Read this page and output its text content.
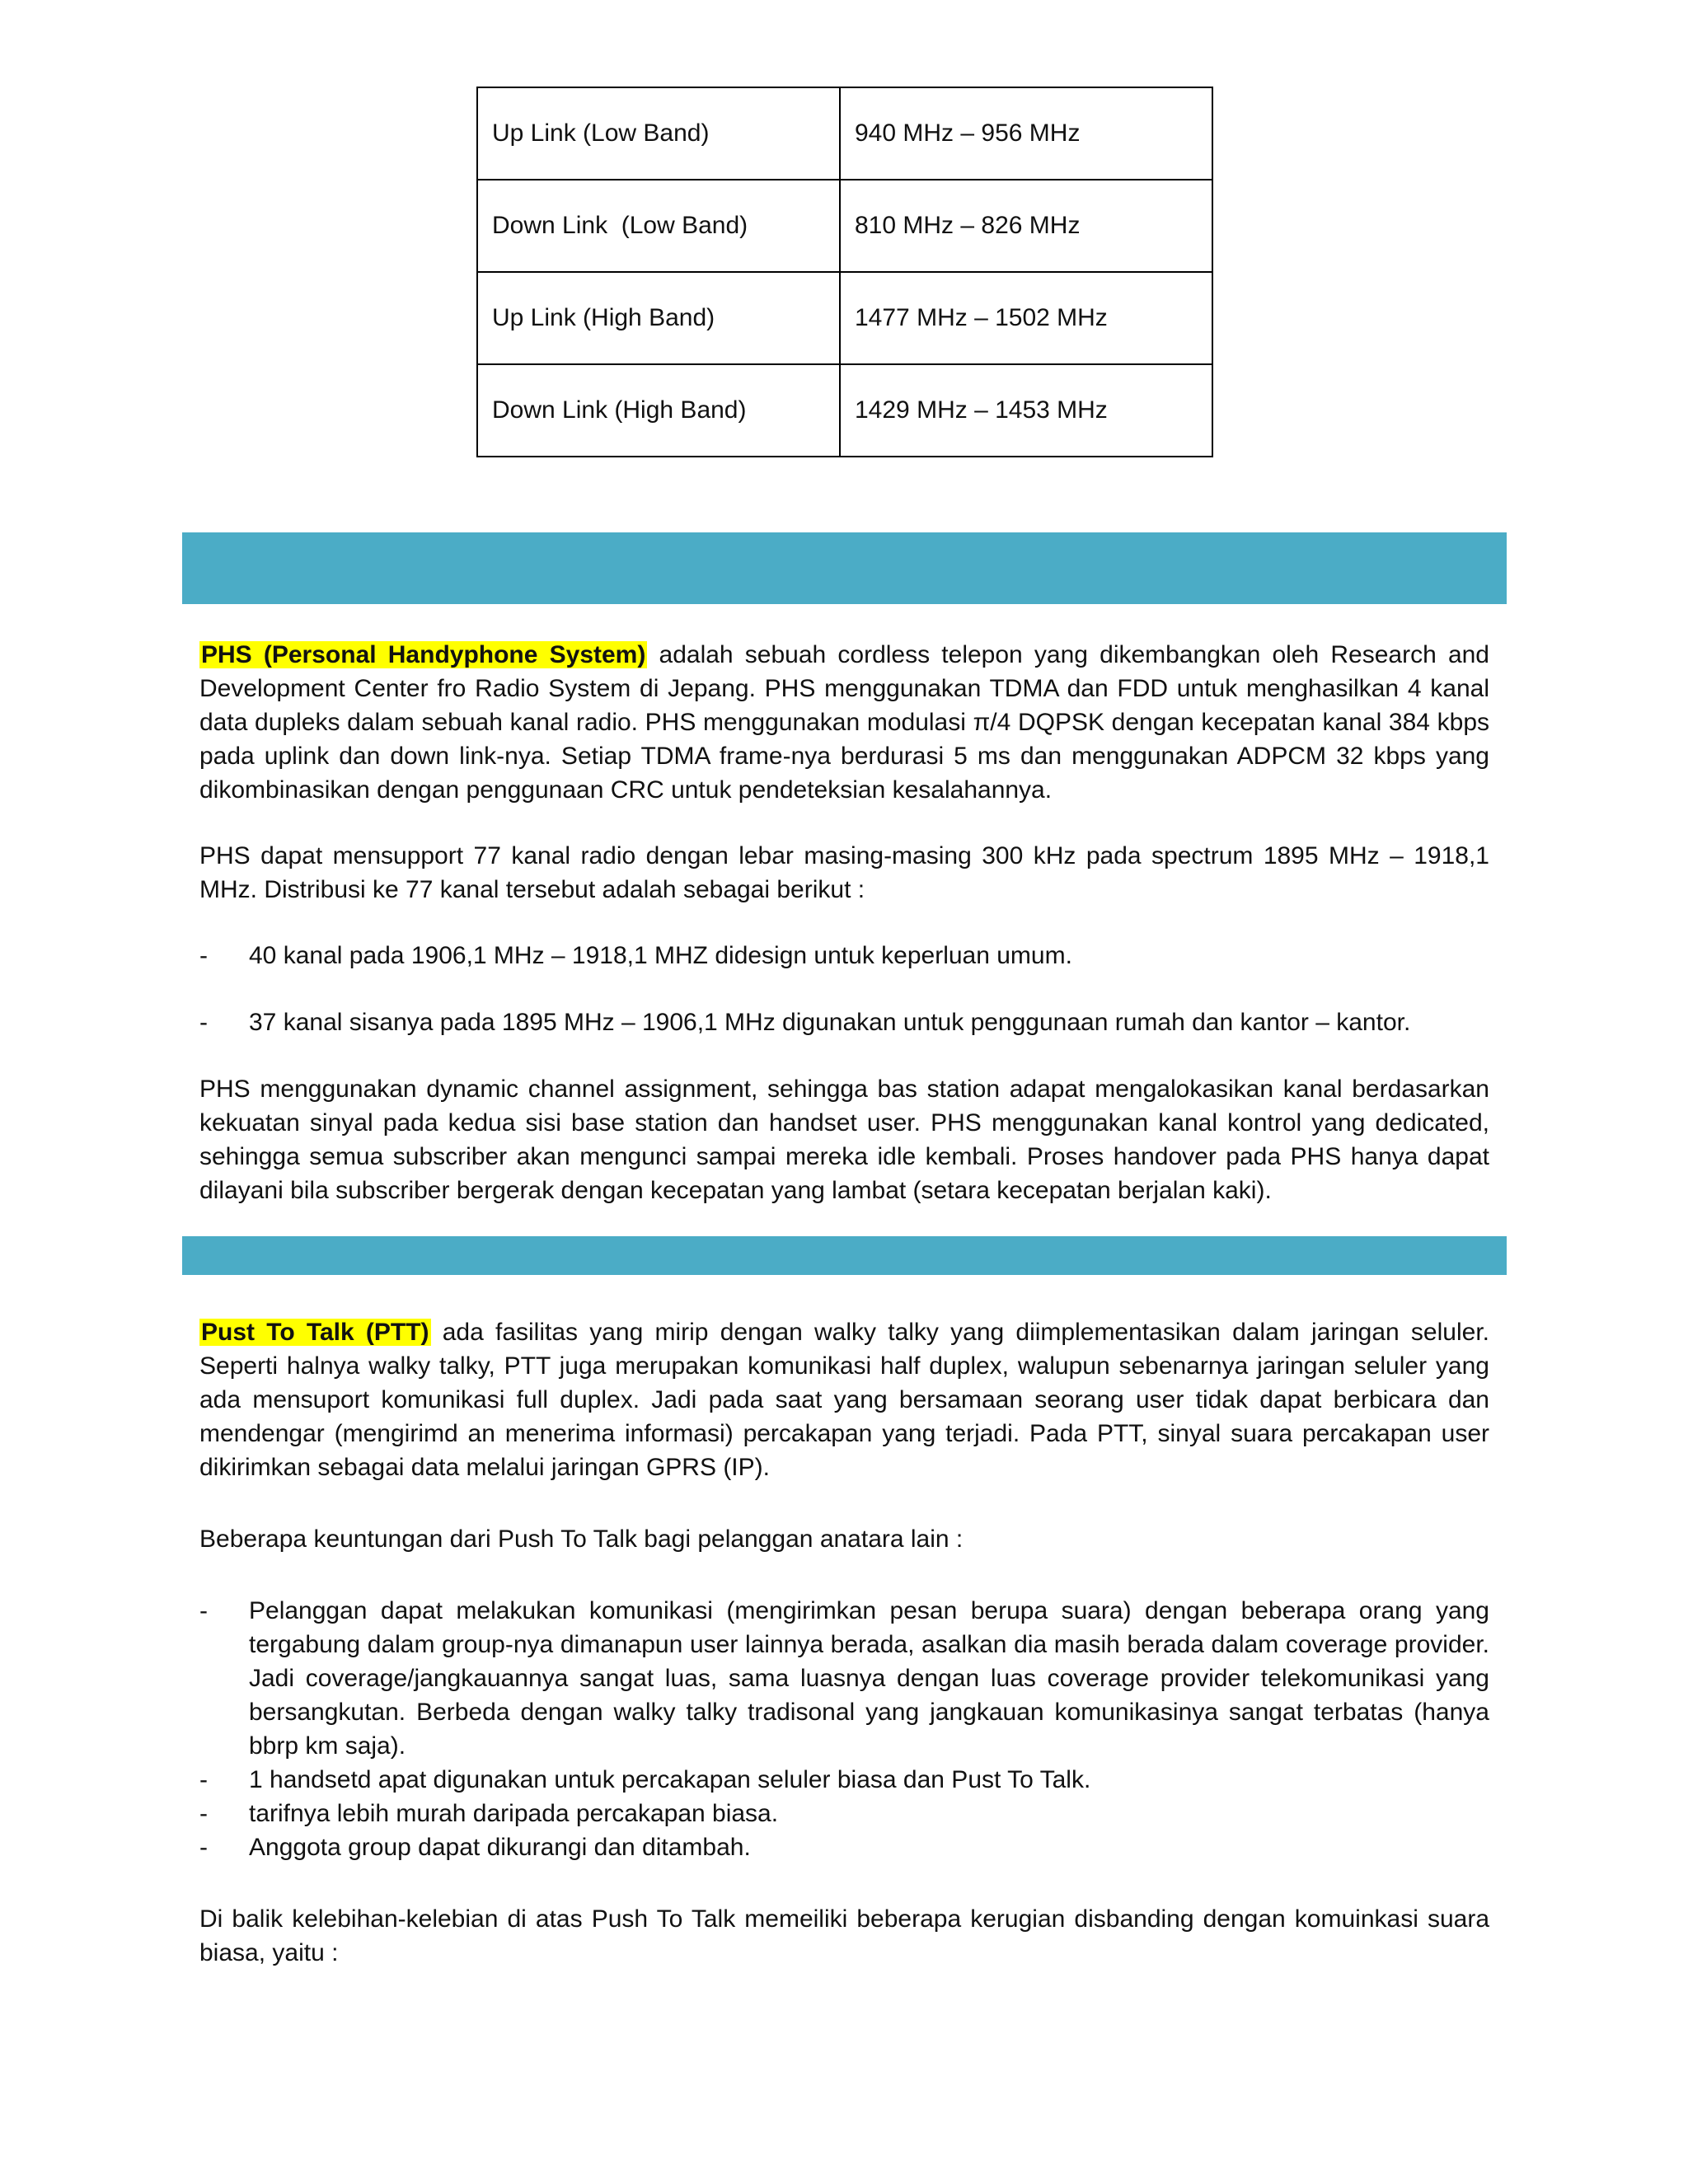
Up Link (Low Band)	940 MHz – 956 MHz
Down Link  (Low Band)	810 MHz – 826 MHz
Up Link (High Band)	1477 MHz – 1502 MHz
Down Link (High Band)	1429 MHz – 1453 MHz

PHS (Personal Handyphone System) adalah sebuah cordless telepon yang dikembangkan oleh Research and Development Center fro Radio System di Jepang. PHS menggunakan TDMA dan FDD untuk menghasilkan 4 kanal data dupleks dalam sebuah kanal radio. PHS menggunakan modulasi π/4 DQPSK dengan kecepatan kanal 384 kbps pada uplink dan down link-nya. Setiap TDMA frame-nya berdurasi 5 ms dan menggunakan ADPCM 32 kbps yang dikombinasikan dengan penggunaan CRC untuk pendeteksian kesalahannya.

PHS dapat mensupport 77 kanal radio dengan lebar masing-masing 300 kHz pada spectrum 1895 MHz – 1918,1 MHz. Distribusi ke 77 kanal tersebut adalah sebagai berikut :

- 40 kanal pada 1906,1 MHz – 1918,1 MHZ didesign untuk keperluan umum.

- 37 kanal sisanya pada 1895 MHz – 1906,1 MHz digunakan untuk penggunaan rumah dan kantor – kantor.

PHS menggunakan dynamic channel assignment, sehingga bas station adapat mengalokasikan kanal berdasarkan kekuatan sinyal pada kedua sisi base station dan handset user. PHS menggunakan kanal kontrol yang dedicated, sehingga semua subscriber akan mengunci sampai mereka idle kembali. Proses handover pada PHS hanya dapat dilayani bila subscriber bergerak dengan kecepatan yang lambat (setara kecepatan berjalan kaki).

Pust To Talk (PTT) ada fasilitas yang mirip dengan walky talky yang diimplementasikan dalam jaringan seluler. Seperti halnya walky talky, PTT juga merupakan komunikasi half duplex, walupun sebenarnya jaringan seluler yang ada mensuport komunikasi full duplex. Jadi pada saat yang bersamaan seorang user tidak dapat berbicara dan mendengar (mengirimd an menerima informasi) percakapan yang terjadi. Pada PTT, sinyal suara percakapan user dikirimkan sebagai data melalui jaringan GPRS (IP).

Beberapa keuntungan dari Push To Talk bagi pelanggan anatara lain :

- Pelanggan dapat melakukan komunikasi (mengirimkan pesan berupa suara) dengan beberapa orang yang tergabung dalam group-nya dimanapun user lainnya berada, asalkan dia masih berada dalam coverage provider. Jadi coverage/jangkauannya sangat luas, sama luasnya dengan luas coverage provider telekomunikasi yang bersangkutan. Berbeda dengan walky talky tradisonal yang jangkauan komunikasinya sangat terbatas (hanya bbrp km saja).

- 1 handsetd apat digunakan untuk percakapan seluler biasa dan Pust To Talk.

- tarifnya lebih murah daripada percakapan biasa.

- Anggota group dapat dikurangi dan ditambah.

Di balik kelebihan-kelebian di atas Push To Talk memeiliki beberapa kerugian disbanding dengan komuinkasi suara biasa, yaitu :
